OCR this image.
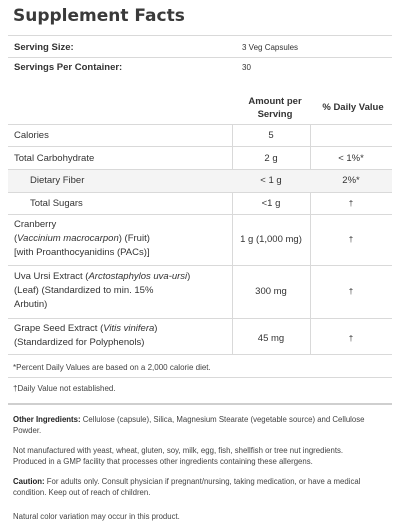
Supplement Facts
Serving Size:	3 Veg Capsules
Servings Per Container:	30
Amount per
Serving
% Daily Value
Calories	5
Total Carbohydrate	2 g	< 1%*
Dietary Fiber	< 1 g	2%*
Total Sugars	<1 g	†
Cranberry
(Vaccinium macrocarpon) (Fruit)
[with Proanthocyanidins (PACs)]
1 g (1,000 mg)	†
Uva Ursi Extract (Arctostaphylos uva-ursi)
(Leaf) (Standardized to min. 15%
Arbutin)
300 mg	†
Grape Seed Extract (Vitis vinifera)
(Standardized for Polyphenols)	45 mg	†
*Percent Daily Values are based on a 2,000 calorie diet.
†Daily Value not established.
Other Ingredients: Cellulose (capsule), Silica, Magnesium Stearate (vegetable source) and Cellulose
Powder.
Not manufactured with yeast, wheat, gluten, soy, milk, egg, fish, shellfish or tree nut ingredients.
Produced in a GMP facility that processes other ingredients containing these allergens.
Caution: For adults only. Consult physician if pregnant/nursing, taking medication, or have a medical
condition. Keep out of reach of children.
Natural color variation may occur in this product.
